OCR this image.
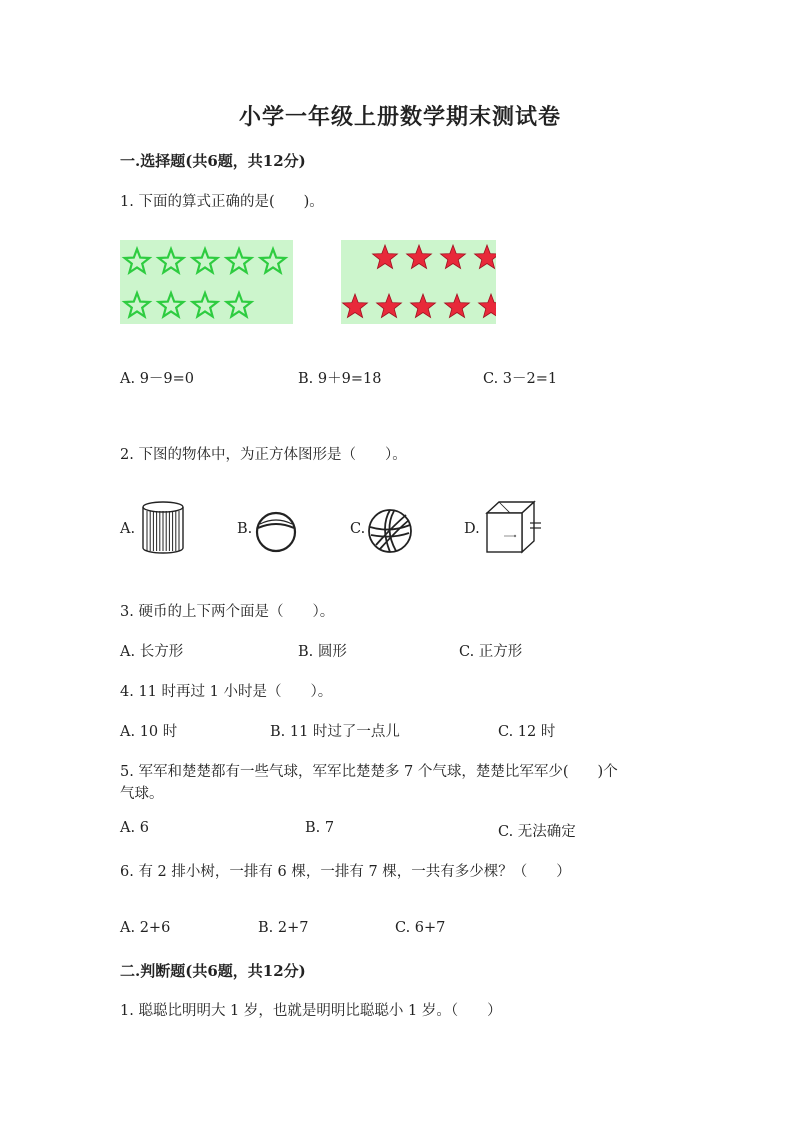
小学一年级上册数学期末测试卷
一.选择题(共6题，共12分)
1. 下面的算式正确的是(　　)。
A. 9－9=0	B. 9＋9=18	C. 3－2=1
2. 下图的物体中，为正方体图形是（　　）。
A.	B.	C.	D.
3. 硬币的上下两个面是（　　）。
A. 长方形	B. 圆形	C. 正方形
4. 11 时再过 1 小时是（　　）。
A. 10 时	B. 11 时过了一点儿	C. 12 时
5. 军军和楚楚都有一些气球，军军比楚楚多 7 个气球，楚楚比军军少(　　)个
气球。
A. 6	B. 7	C. 无法确定
6. 有 2 排小树，一排有 6 棵，一排有 7 棵，一共有多少棵？（　　）
A. 2+6	B. 2+7	C. 6+7
二.判断题(共6题，共12分)
1. 聪聪比明明大 1 岁，也就是明明比聪聪小 1 岁。（　　）
